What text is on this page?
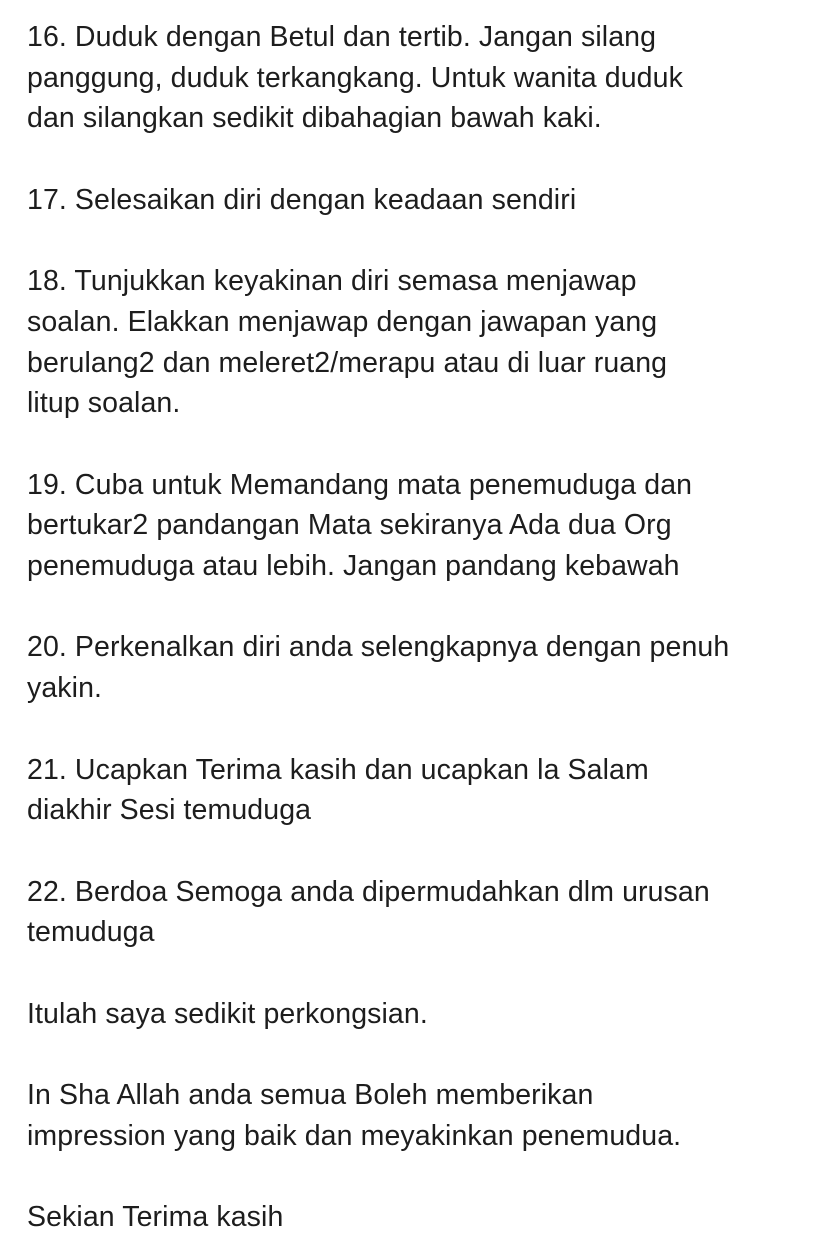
16. Duduk dengan Betul dan tertib. Jangan silang
panggung, duduk terkangkang. Untuk wanita duduk
dan silangkan sedikit dibahagian bawah kaki.

17. Selesaikan diri dengan keadaan sendiri

18. Tunjukkan keyakinan diri semasa menjawap
soalan. Elakkan menjawap dengan jawapan yang
berulang2 dan meleret2/merapu atau di luar ruang
litup soalan.

19. Cuba untuk Memandang mata penemuduga dan
bertukar2 pandangan Mata sekiranya Ada dua Org
penemuduga atau lebih. Jangan pandang kebawah

20. Perkenalkan diri anda selengkapnya dengan penuh
yakin.

21. Ucapkan Terima kasih dan ucapkan la Salam
diakhir Sesi temuduga

22. Berdoa Semoga anda dipermudahkan dlm urusan
temuduga

Itulah saya sedikit perkongsian.

In Sha Allah anda semua Boleh memberikan
impression yang baik dan meyakinkan penemudua.

Sekian Terima kasih
